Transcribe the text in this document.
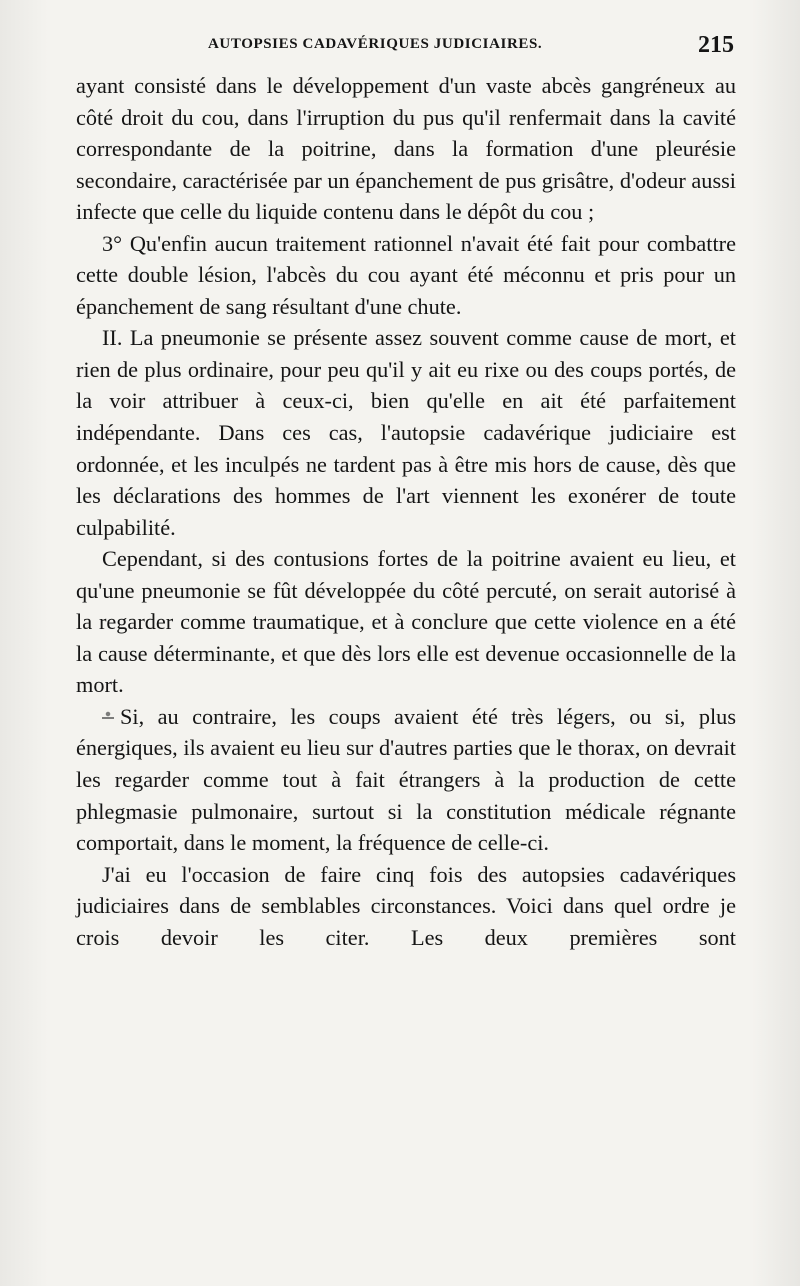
AUTOPSIES CADAVÉRIQUES JUDICIAIRES.	215

ayant consisté dans le développement d'un vaste abcès gangréneux au côté droit du cou, dans l'irruption du pus qu'il renfermait dans la cavité correspondante de la poitrine, dans la formation d'une pleurésie secondaire, caractérisée par un épanchement de pus grisâtre, d'odeur aussi infecte que celle du liquide contenu dans le dépôt du cou ;

3° Qu'enfin aucun traitement rationnel n'avait été fait pour combattre cette double lésion, l'abcès du cou ayant été méconnu et pris pour un épanchement de sang résultant d'une chute.

II. La pneumonie se présente assez souvent comme cause de mort, et rien de plus ordinaire, pour peu qu'il y ait eu rixe ou des coups portés, de la voir attribuer à ceux-ci, bien qu'elle en ait été parfaitement indépendante. Dans ces cas, l'autopsie cadavérique judiciaire est ordonnée, et les inculpés ne tardent pas à être mis hors de cause, dès que les déclarations des hommes de l'art viennent les exonérer de toute culpabilité.

Cependant, si des contusions fortes de la poitrine avaient eu lieu, et qu'une pneumonie se fût développée du côté percuté, on serait autorisé à la regarder comme traumatique, et à conclure que cette violence en a été la cause déterminante, et que dès lors elle est devenue occasionnelle de la mort.

Si, au contraire, les coups avaient été très légers, ou si, plus énergiques, ils avaient eu lieu sur d'autres parties que le thorax, on devrait les regarder comme tout à fait étrangers à la production de cette phlegmasie pulmonaire, surtout si la constitution médicale régnante comportait, dans le moment, la fréquence de celle-ci.

J'ai eu l'occasion de faire cinq fois des autopsies cadavériques judiciaires dans de semblables circonstances. Voici dans quel ordre je crois devoir les citer. Les deux premières sont
